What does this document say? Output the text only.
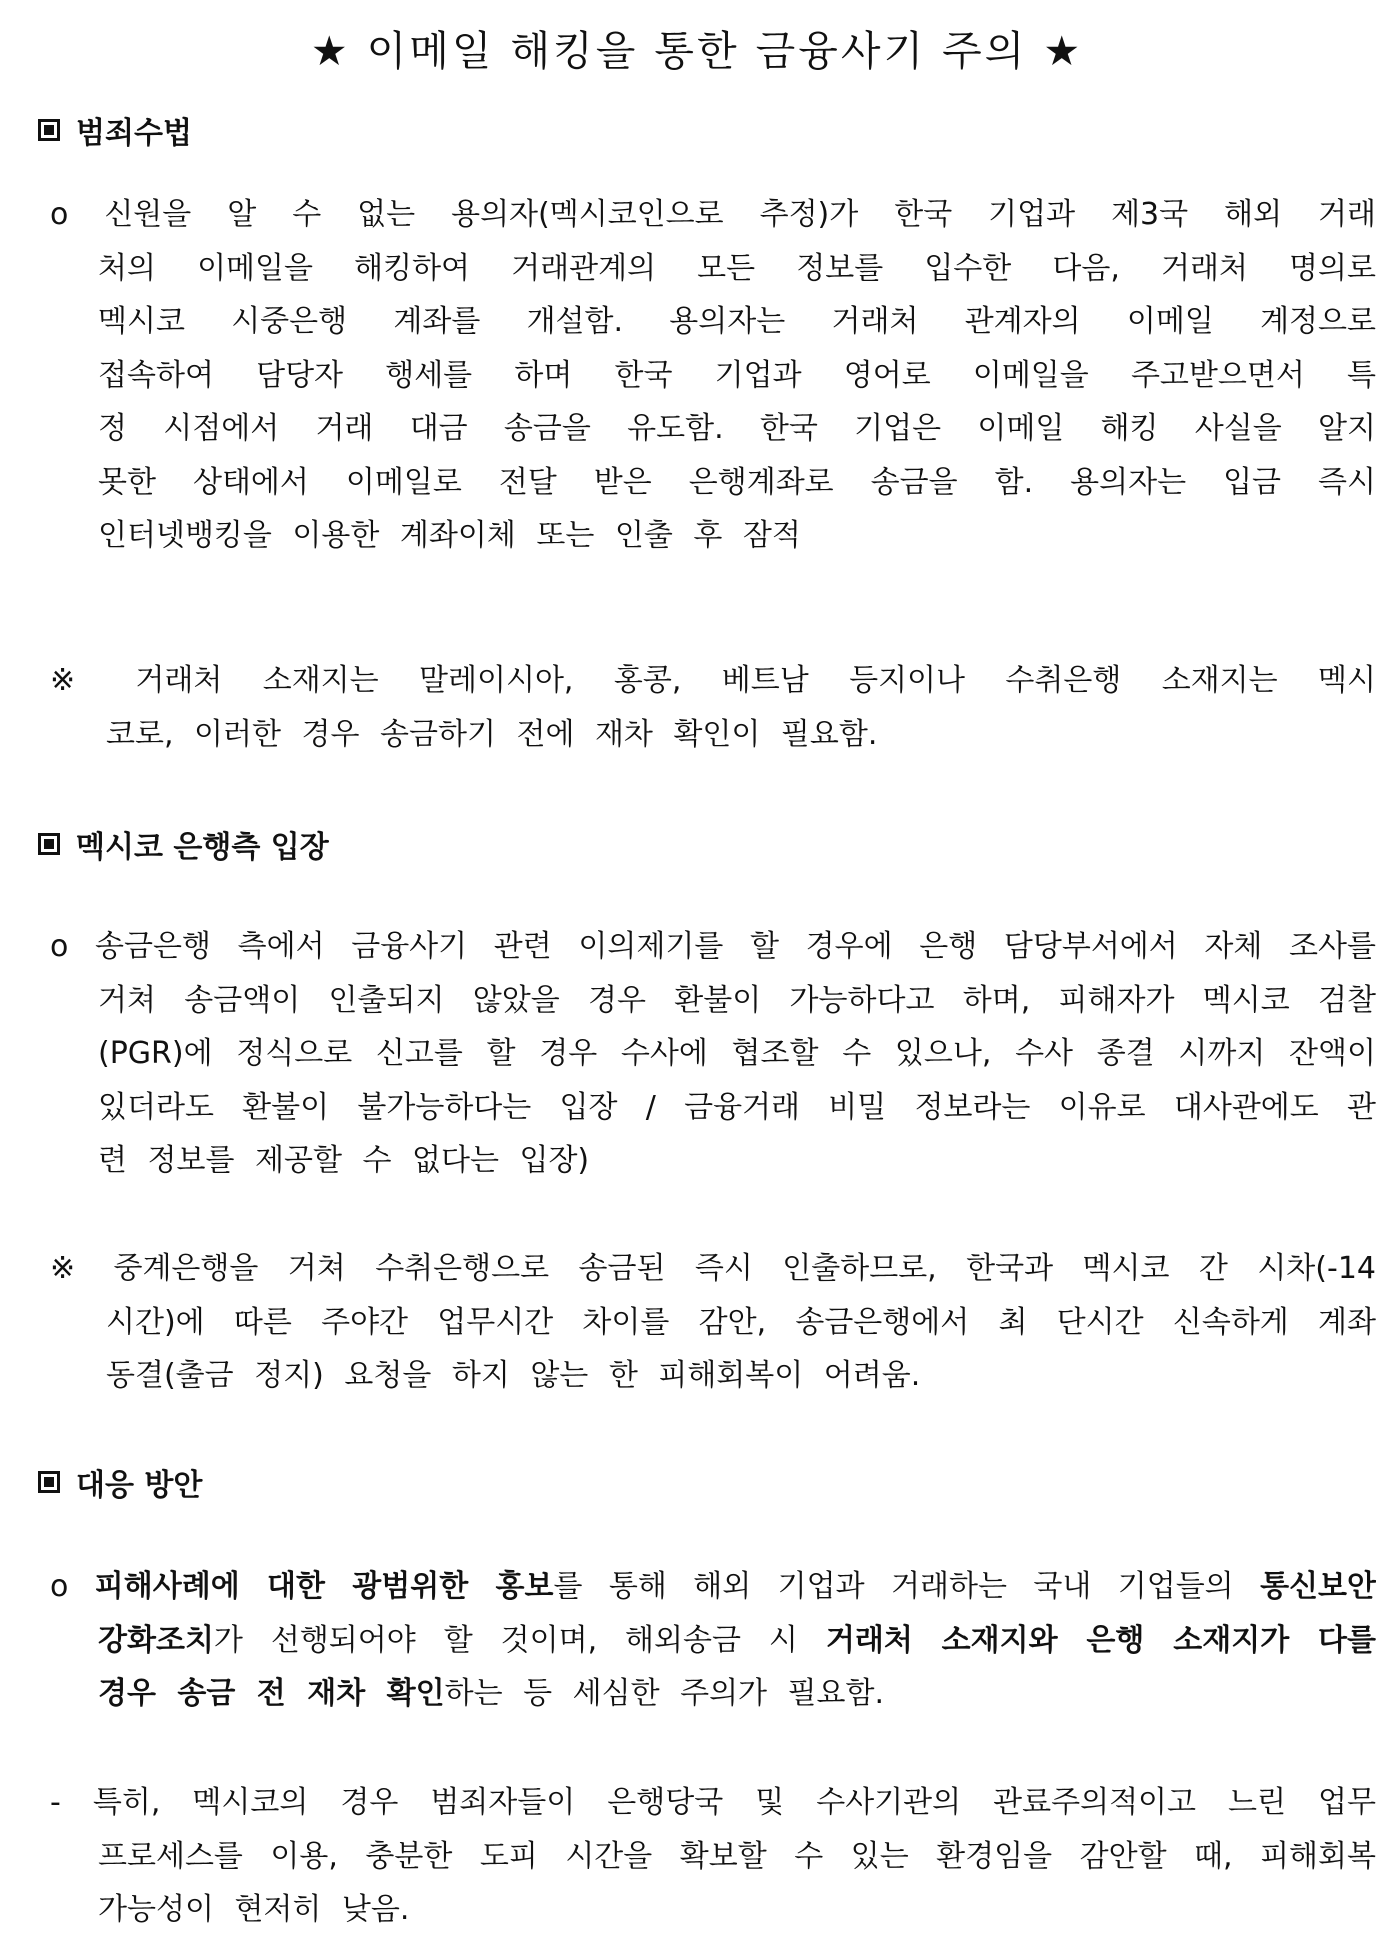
★ 이메일 해킹을 통한 금융사기 주의 ★
범죄수법
o 신원을 알 수 없는 용의자(멕시코인으로 추정)가 한국 기업과 제3국 해외 거래
처의 이메일을 해킹하여 거래관계의 모든 정보를 입수한 다음, 거래처 명의로
멕시코 시중은행 계좌를 개설함. 용의자는 거래처 관계자의 이메일 계정으로
접속하여 담당자 행세를 하며 한국 기업과 영어로 이메일을 주고받으면서 특
정 시점에서 거래 대금 송금을 유도함. 한국 기업은 이메일 해킹 사실을 알지
못한 상태에서 이메일로 전달 받은 은행계좌로 송금을 함. 용의자는 입금 즉시
인터넷뱅킹을 이용한 계좌이체 또는 인출 후 잠적
※ 거래처 소재지는 말레이시아, 홍콩, 베트남 등지이나 수취은행 소재지는 멕시
코로, 이러한 경우 송금하기 전에 재차 확인이 필요함.
멕시코 은행측 입장
o 송금은행 측에서 금융사기 관련 이의제기를 할 경우에 은행 담당부서에서 자체 조사를
거쳐 송금액이 인출되지 않았을 경우 환불이 가능하다고 하며, 피해자가 멕시코 검찰
(PGR)에 정식으로 신고를 할 경우 수사에 협조할 수 있으나, 수사 종결 시까지 잔액이
있더라도 환불이 불가능하다는 입장 / 금융거래 비밀 정보라는 이유로 대사관에도 관
련 정보를 제공할 수 없다는 입장)
※ 중계은행을 거쳐 수취은행으로 송금된 즉시 인출하므로, 한국과 멕시코 간 시차(-14
시간)에 따른 주야간 업무시간 차이를 감안, 송금은행에서 최 단시간 신속하게 계좌
동결(출금 정지) 요청을 하지 않는 한 피해회복이 어려움.
대응 방안
o 피해사례에 대한 광범위한 홍보를 통해 해외 기업과 거래하는 국내 기업들의 통신보안
강화조치가 선행되어야 할 것이며, 해외송금 시 거래처 소재지와 은행 소재지가 다를
경우 송금 전 재차 확인하는 등 세심한 주의가 필요함.
- 특히, 멕시코의 경우 범죄자들이 은행당국 및 수사기관의 관료주의적이고 느린 업무
프로세스를 이용, 충분한 도피 시간을 확보할 수 있는 환경임을 감안할 때, 피해회복
가능성이 현저히 낮음.
